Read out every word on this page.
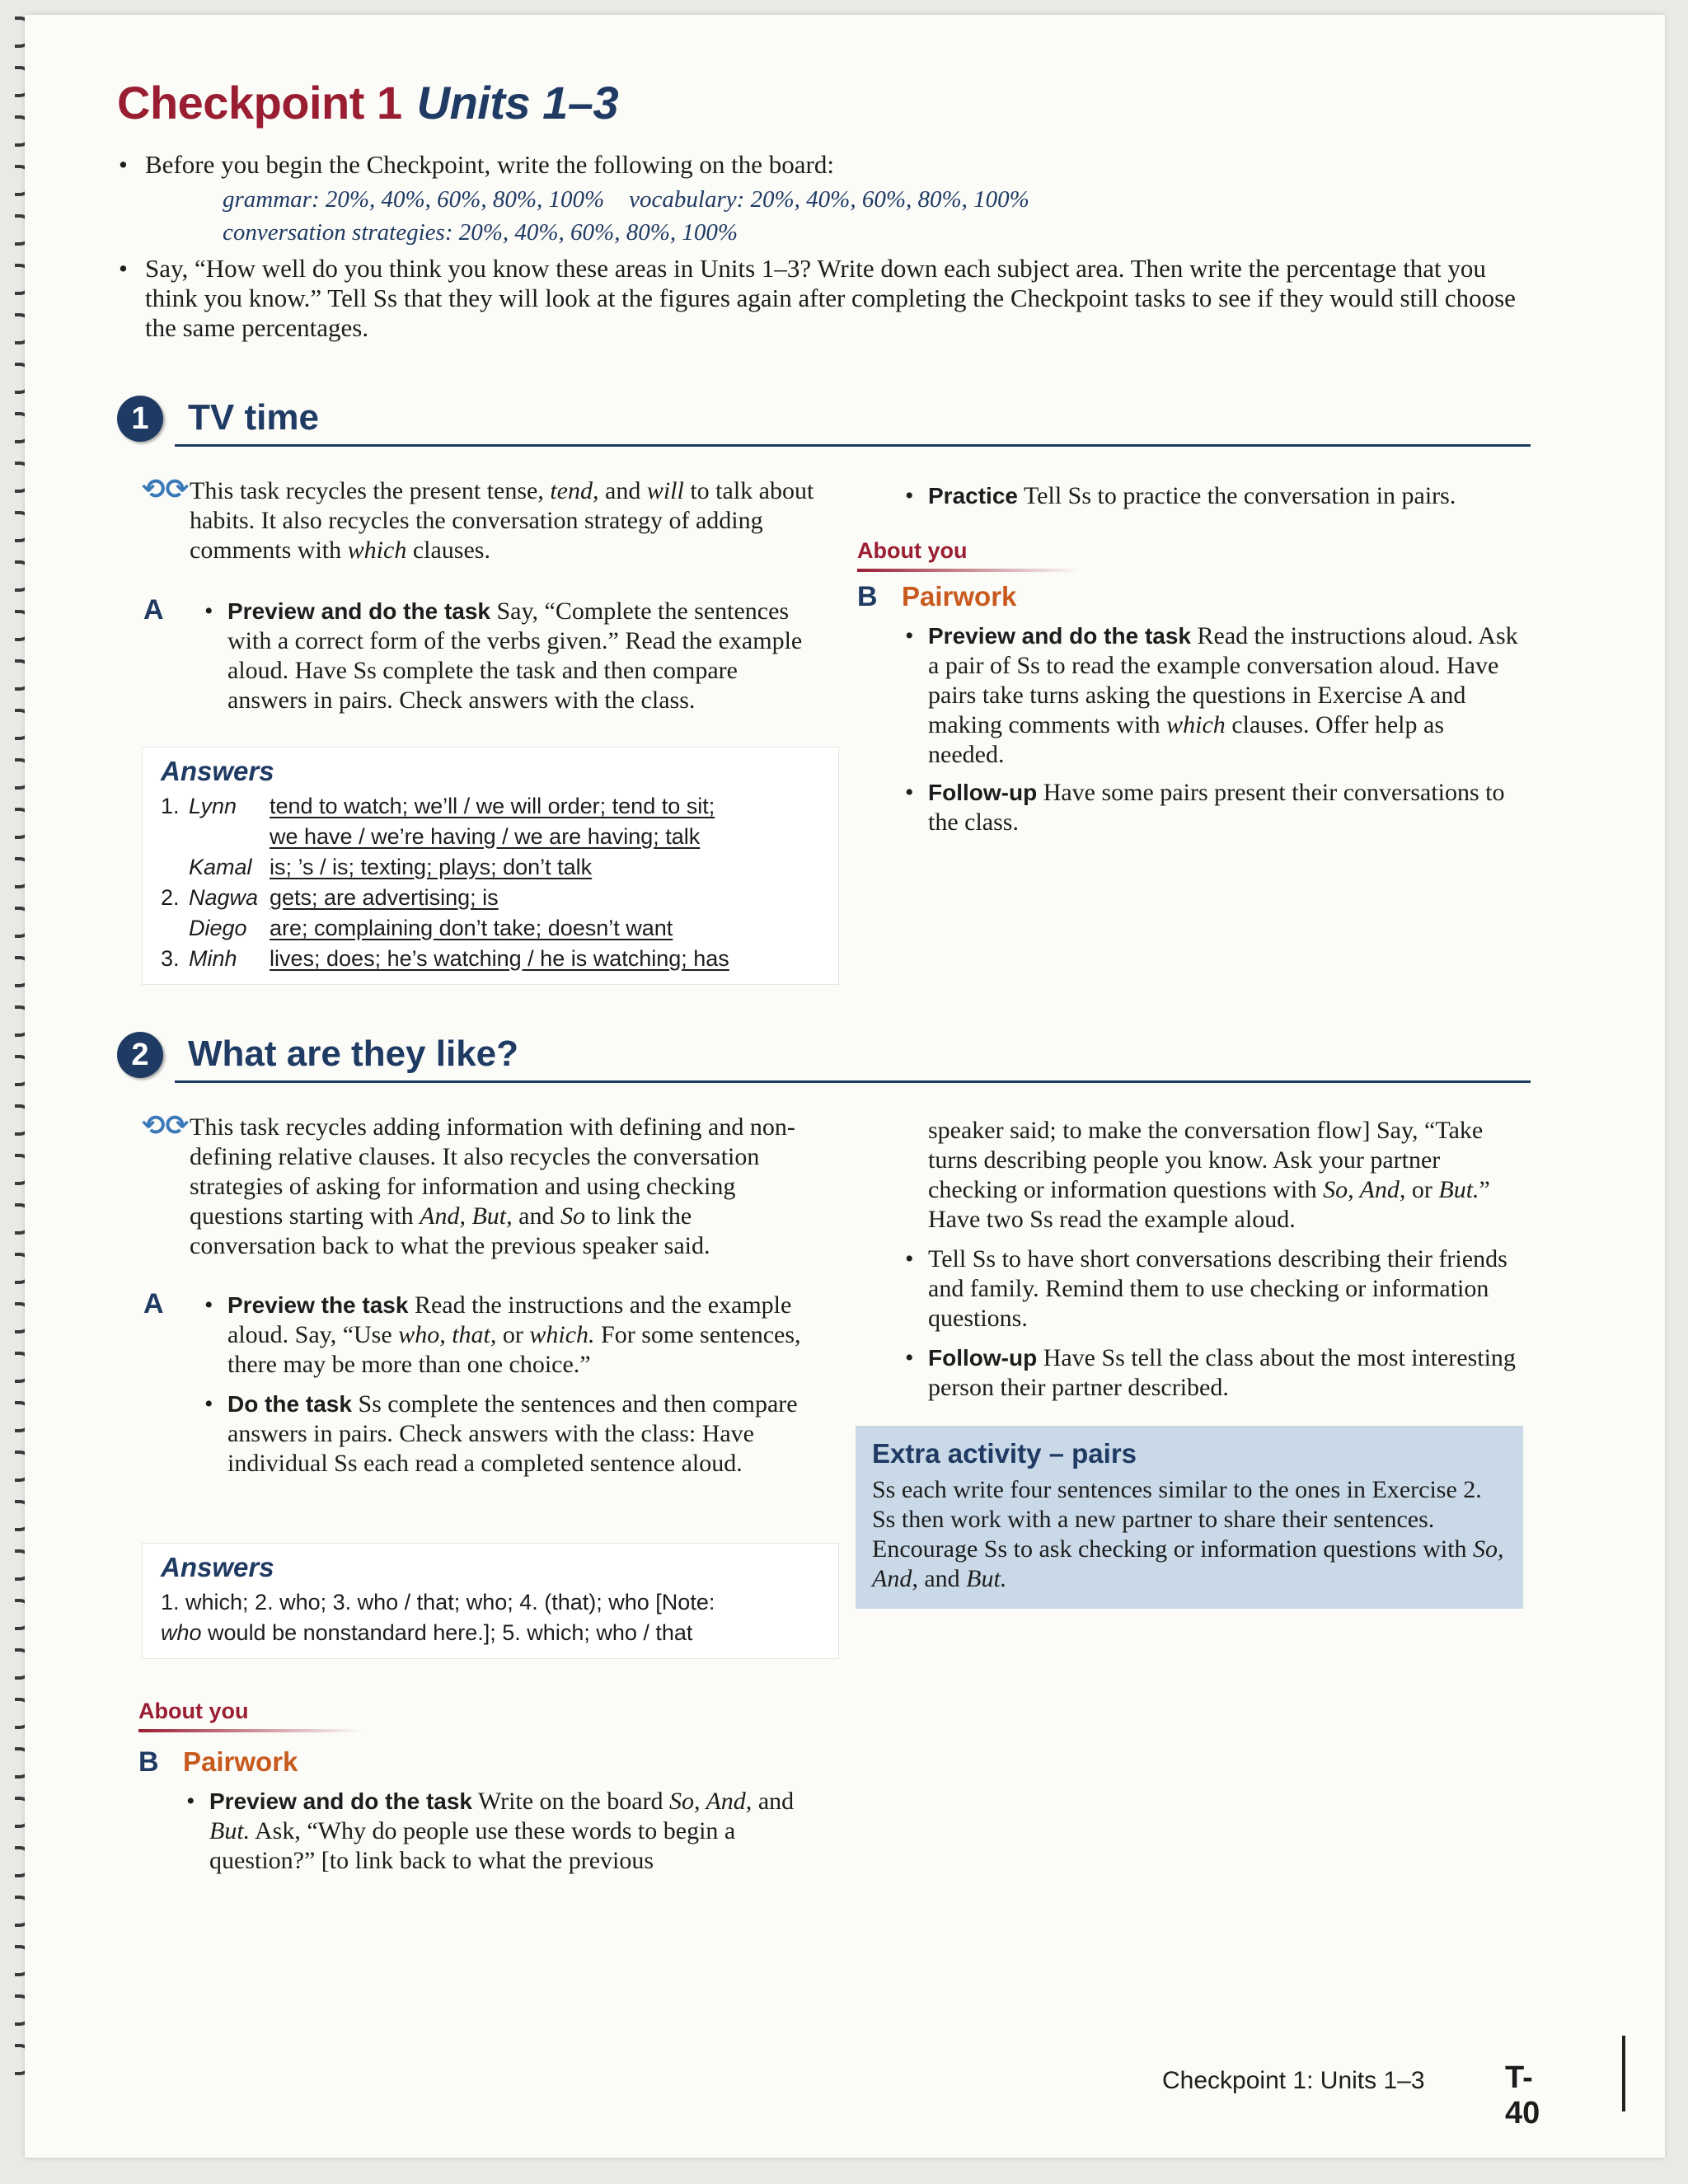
Checkpoint 1 Units 1–3
• Before you begin the Checkpoint, write the following on the board:
grammar: 20%, 40%, 60%, 80%, 100% vocabulary: 20%, 40%, 60%, 80%, 100%
conversation strategies: 20%, 40%, 60%, 80%, 100%
• Say, “How well do you think you know these areas in Units 1–3? Write down each subject area. Then write the percentage that you think you know.” Tell Ss that they will look at the figures again after completing the Checkpoint tasks to see if they would still choose the same percentages.
1	TV time
⟲⟳ This task recycles the present tense, tend, and will to talk about habits. It also recycles the conversation strategy of adding comments with which clauses.
A	• Preview and do the task Say, “Complete the sentences with a correct form of the verbs given.” Read the example aloud. Have Ss complete the task and then compare answers in pairs. Check answers with the class.
Answers
1. Lynn	tend to watch; we’ll / we will order; tend to sit;
we have / we’re having / we are having; talk
Kamal is; ’s / is; texting; plays; don’t talk
2. Nagwa gets; are advertising; is
Diego	are; complaining don’t take; doesn’t want
3. Minh	lives; does; he’s watching / he is watching; has
• Practice Tell Ss to practice the conversation in pairs.
About you
B Pairwork
• Preview and do the task Read the instructions aloud. Ask a pair of Ss to read the example conversation aloud. Have pairs take turns asking the questions in Exercise A and making comments with which clauses. Offer help as needed.
• Follow-up Have some pairs present their conversations to the class.
2	What are they like?
⟲⟳ This task recycles adding information with defining and non-defining relative clauses. It also recycles the conversation strategies of asking for information and using checking questions starting with And, But, and So to link the conversation back to what the previous speaker said.
A	• Preview the task Read the instructions and the example aloud. Say, “Use who, that, or which. For some sentences, there may be more than one choice.”
• Do the task Ss complete the sentences and then compare answers in pairs. Check answers with the class: Have individual Ss each read a completed sentence aloud.
Answers
1. which; 2. who; 3. who / that; who; 4. (that); who [Note:
who would be nonstandard here.]; 5. which; who / that
About you
B Pairwork
• Preview and do the task Write on the board So, And, and But. Ask, “Why do people use these words to begin a question?” [to link back to what the previous
speaker said; to make the conversation flow] Say, “Take turns describing people you know. Ask your partner checking or information questions with So, And, or But.” Have two Ss read the example aloud.
• Tell Ss to have short conversations describing their friends and family. Remind them to use checking or information questions.
• Follow-up Have Ss tell the class about the most interesting person their partner described.
Extra activity – pairs
Ss each write four sentences similar to the ones in Exercise 2. Ss then work with a new partner to share their sentences. Encourage Ss to ask checking or information questions with So, And, and But.
Checkpoint 1: Units 1–3	T-40
